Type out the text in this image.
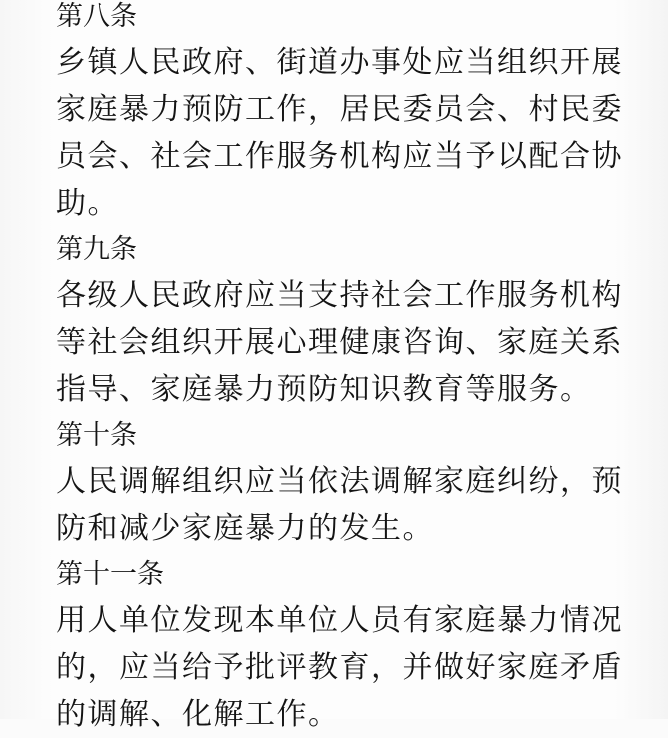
第八条

乡镇人民政府、街道办事处应当组织开展

家庭暴力预防工作，居民委员会、村民委

员会、社会工作服务机构应当予以配合协

助。

第九条

各级人民政府应当支持社会工作服务机构

等社会组织开展心理健康咨询、家庭关系

指导、家庭暴力预防知识教育等服务。

第十条

人民调解组织应当依法调解家庭纠纷，预

防和减少家庭暴力的发生。

第十一条

用人单位发现本单位人员有家庭暴力情况

的，应当给予批评教育，并做好家庭矛盾

的调解、化解工作。
